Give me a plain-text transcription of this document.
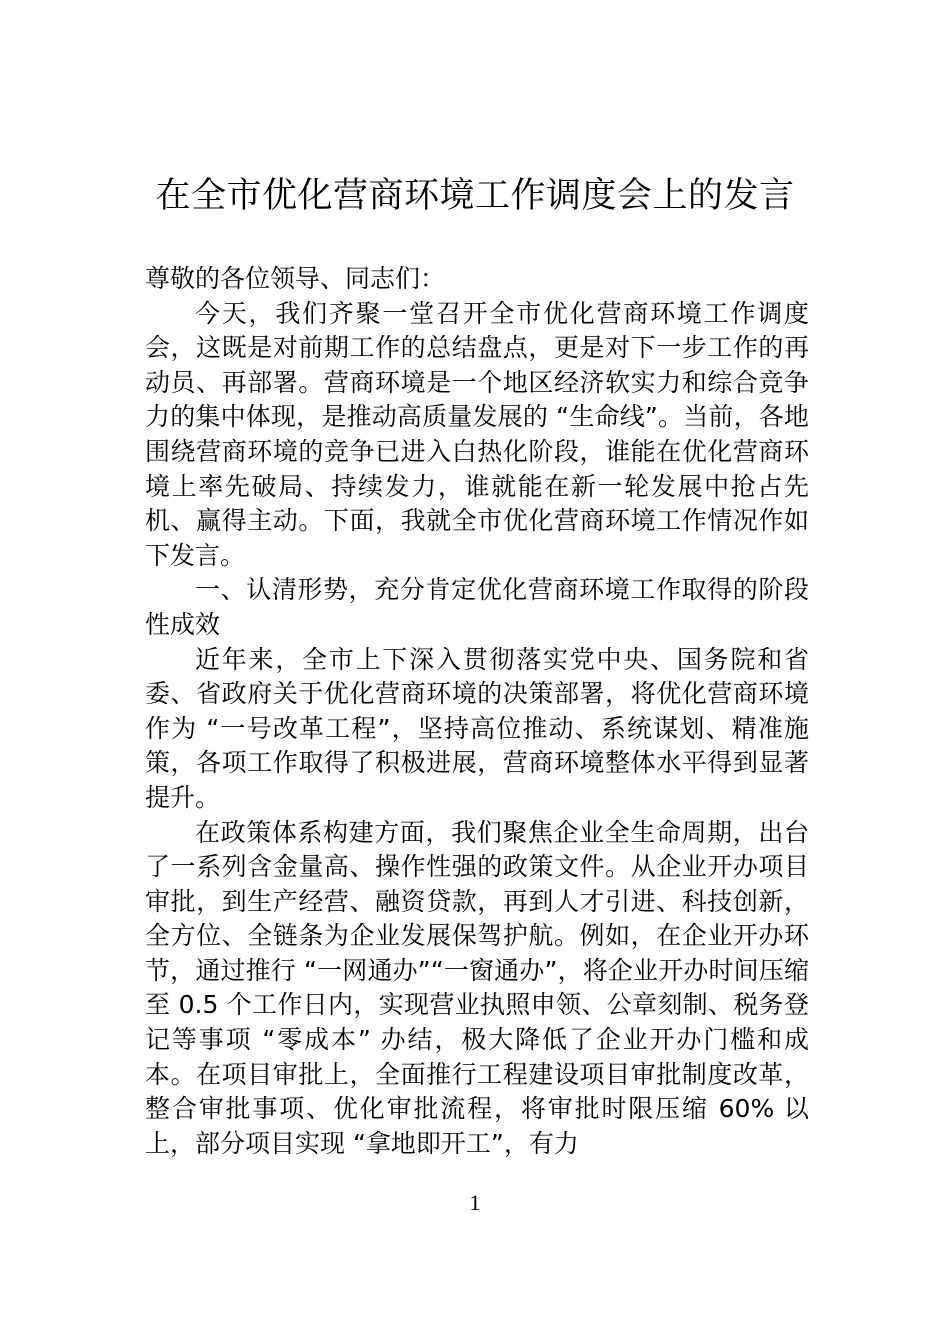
在全市优化营商环境工作调度会上的发言

尊敬的各位领导、同志们：

今天，我们齐聚一堂召开全市优化营商环境工作调度会，这既是对前期工作的总结盘点，更是对下一步工作的再动员、再部署。营商环境是一个地区经济软实力和综合竞争力的集中体现，是推动高质量发展的 “生命线”。当前，各地围绕营商环境的竞争已进入白热化阶段，谁能在优化营商环境上率先破局、持续发力，谁就能在新一轮发展中抢占先机、赢得主动。下面，我就全市优化营商环境工作情况作如下发言。

一、认清形势，充分肯定优化营商环境工作取得的阶段性成效

近年来，全市上下深入贯彻落实党中央、国务院和省委、省政府关于优化营商环境的决策部署，将优化营商环境作为 “一号改革工程”，坚持高位推动、系统谋划、精准施策，各项工作取得了积极进展，营商环境整体水平得到显著提升。

在政策体系构建方面，我们聚焦企业全生命周期，出台了一系列含金量高、操作性强的政策文件。从企业开办项目审批，到生产经营、融资贷款，再到人才引进、科技创新，全方位、全链条为企业发展保驾护航。例如，在企业开办环节，通过推行 “一网通办”“一窗通办”，将企业开办时间压缩至 0.5 个工作日内，实现营业执照申领、公章刻制、税务登记等事项 “零成本” 办结，极大降低了企业开办门槛和成本。在项目审批上，全面推行工程建设项目审批制度改革，整合审批事项、优化审批流程，将审批时限压缩 60% 以上，部分项目实现 “拿地即开工”，有力

1
